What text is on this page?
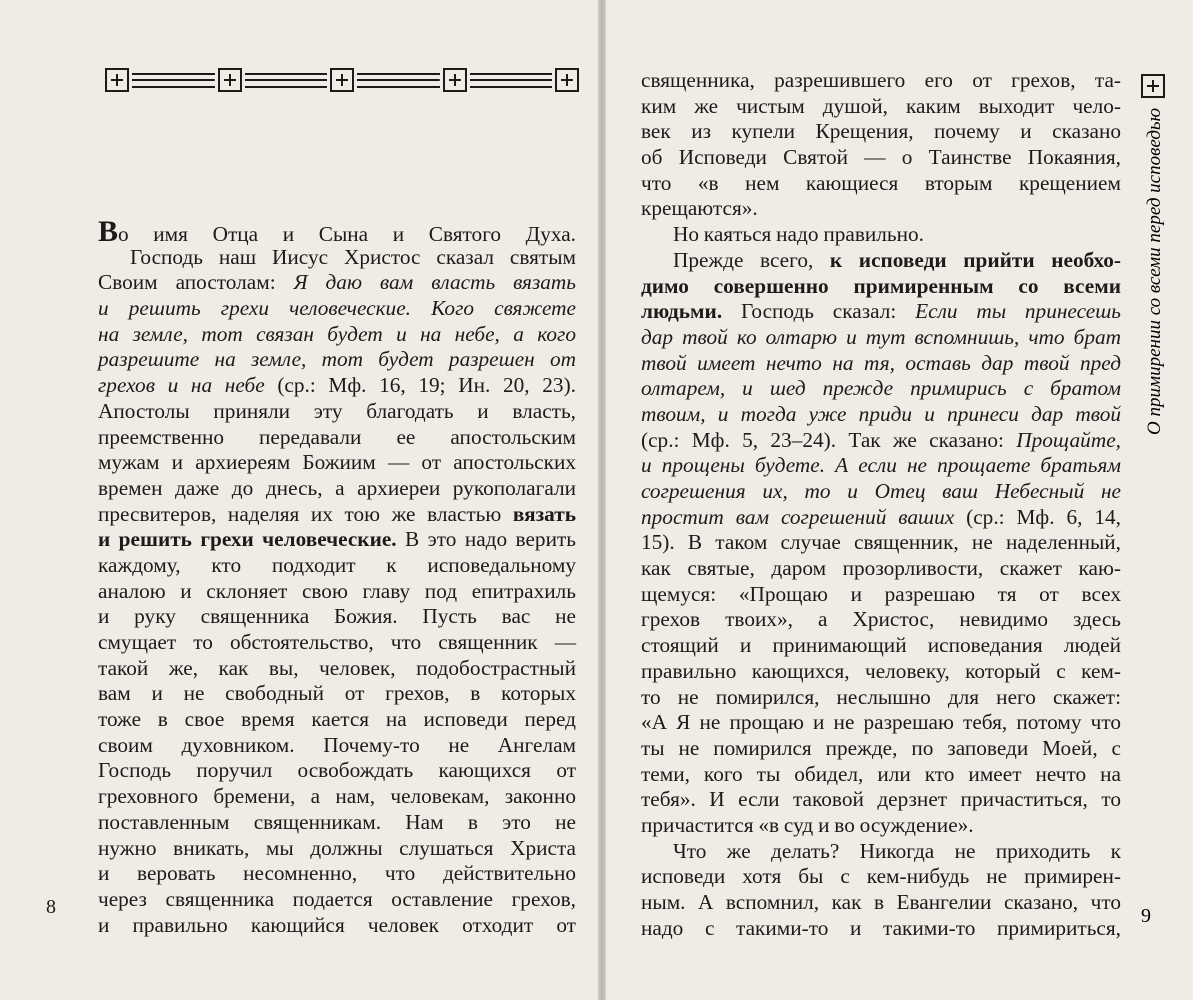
Во имя Отца и Сына и Святого Духа.
  Господь наш Иисус Христос сказал святым
Своим апостолам: Я даю вам власть вязать
и решить грехи человеческие. Кого свяжете
на земле, тот связан будет и на небе, а кого
разрешите на земле, тот будет разрешен от
грехов и на небе (ср.: Мф. 16, 19; Ин. 20, 23).
Апостолы приняли эту благодать и власть,
преемственно передавали ее апостольским
мужам и архиереям Божиим — от апостольских
времен даже до днесь, а архиереи рукополагали
пресвитеров, наделяя их тою же властью вязать
и решить грехи человеческие. В это надо верить
каждому, кто подходит к исповедальному
аналою и склоняет свою главу под епитрахиль
и руку священника Божия. Пусть вас не
смущает то обстоятельство, что священник —
такой же, как вы, человек, подобострастный
вам и не свободный от грехов, в которых
тоже в свое время кается на исповеди перед
своим духовником. Почему-то не Ангелам
Господь поручил освобождать кающихся от
греховного бремени, а нам, человекам, законно
поставленным священникам. Нам в это не
нужно вникать, мы должны слушаться Христа
и веровать несомненно, что действительно
через священника подается оставление грехов,
и правильно кающийся человек отходит от
8
священника, разрешившего его от грехов, та-
ким же чистым душой, каким выходит чело-
век из купели Крещения, почему и сказано
об Исповеди Святой — о Таинстве Покаяния,
что «в нем кающиеся вторым крещением
крещаются».
  Но каяться надо правильно.
  Прежде всего, к исповеди прийти необхо-
димо совершенно примиренным со всеми
людьми. Господь сказал: Если ты принесешь
дар твой ко олтарю и тут вспомнишь, что брат
твой имеет нечто на тя, оставь дар твой пред
олтарем, и шед прежде примирись с братом
твоим, и тогда уже приди и принеси дар твой
(ср.: Мф. 5, 23–24). Так же сказано: Прощайте,
и прощены будете. А если не прощаете братьям
согрешения их, то и Отец ваш Небесный не
простит вам согрешений ваших (ср.: Мф. 6, 14,
15). В таком случае священник, не наделенный,
как святые, даром прозорливости, скажет каю-
щемуся: «Прощаю и разрешаю тя от всех
грехов твоих», а Христос, невидимо здесь
стоящий и принимающий исповедания людей
правильно кающихся, человеку, который с кем-
то не помирился, неслышно для него скажет:
«А Я не прощаю и не разрешаю тебя, потому что
ты не помирился прежде, по заповеди Моей, с
теми, кого ты обидел, или кто имеет нечто на
тебя». И если таковой дерзнет причаститься, то
причастится «в суд и во осуждение».
  Что же делать? Никогда не приходить к
исповеди хотя бы с кем-нибудь не примирен-
ным. А вспомнил, как в Евангелии сказано, что
надо с такими-то и такими-то примириться,
О примирении со всеми перед исповедью
9
